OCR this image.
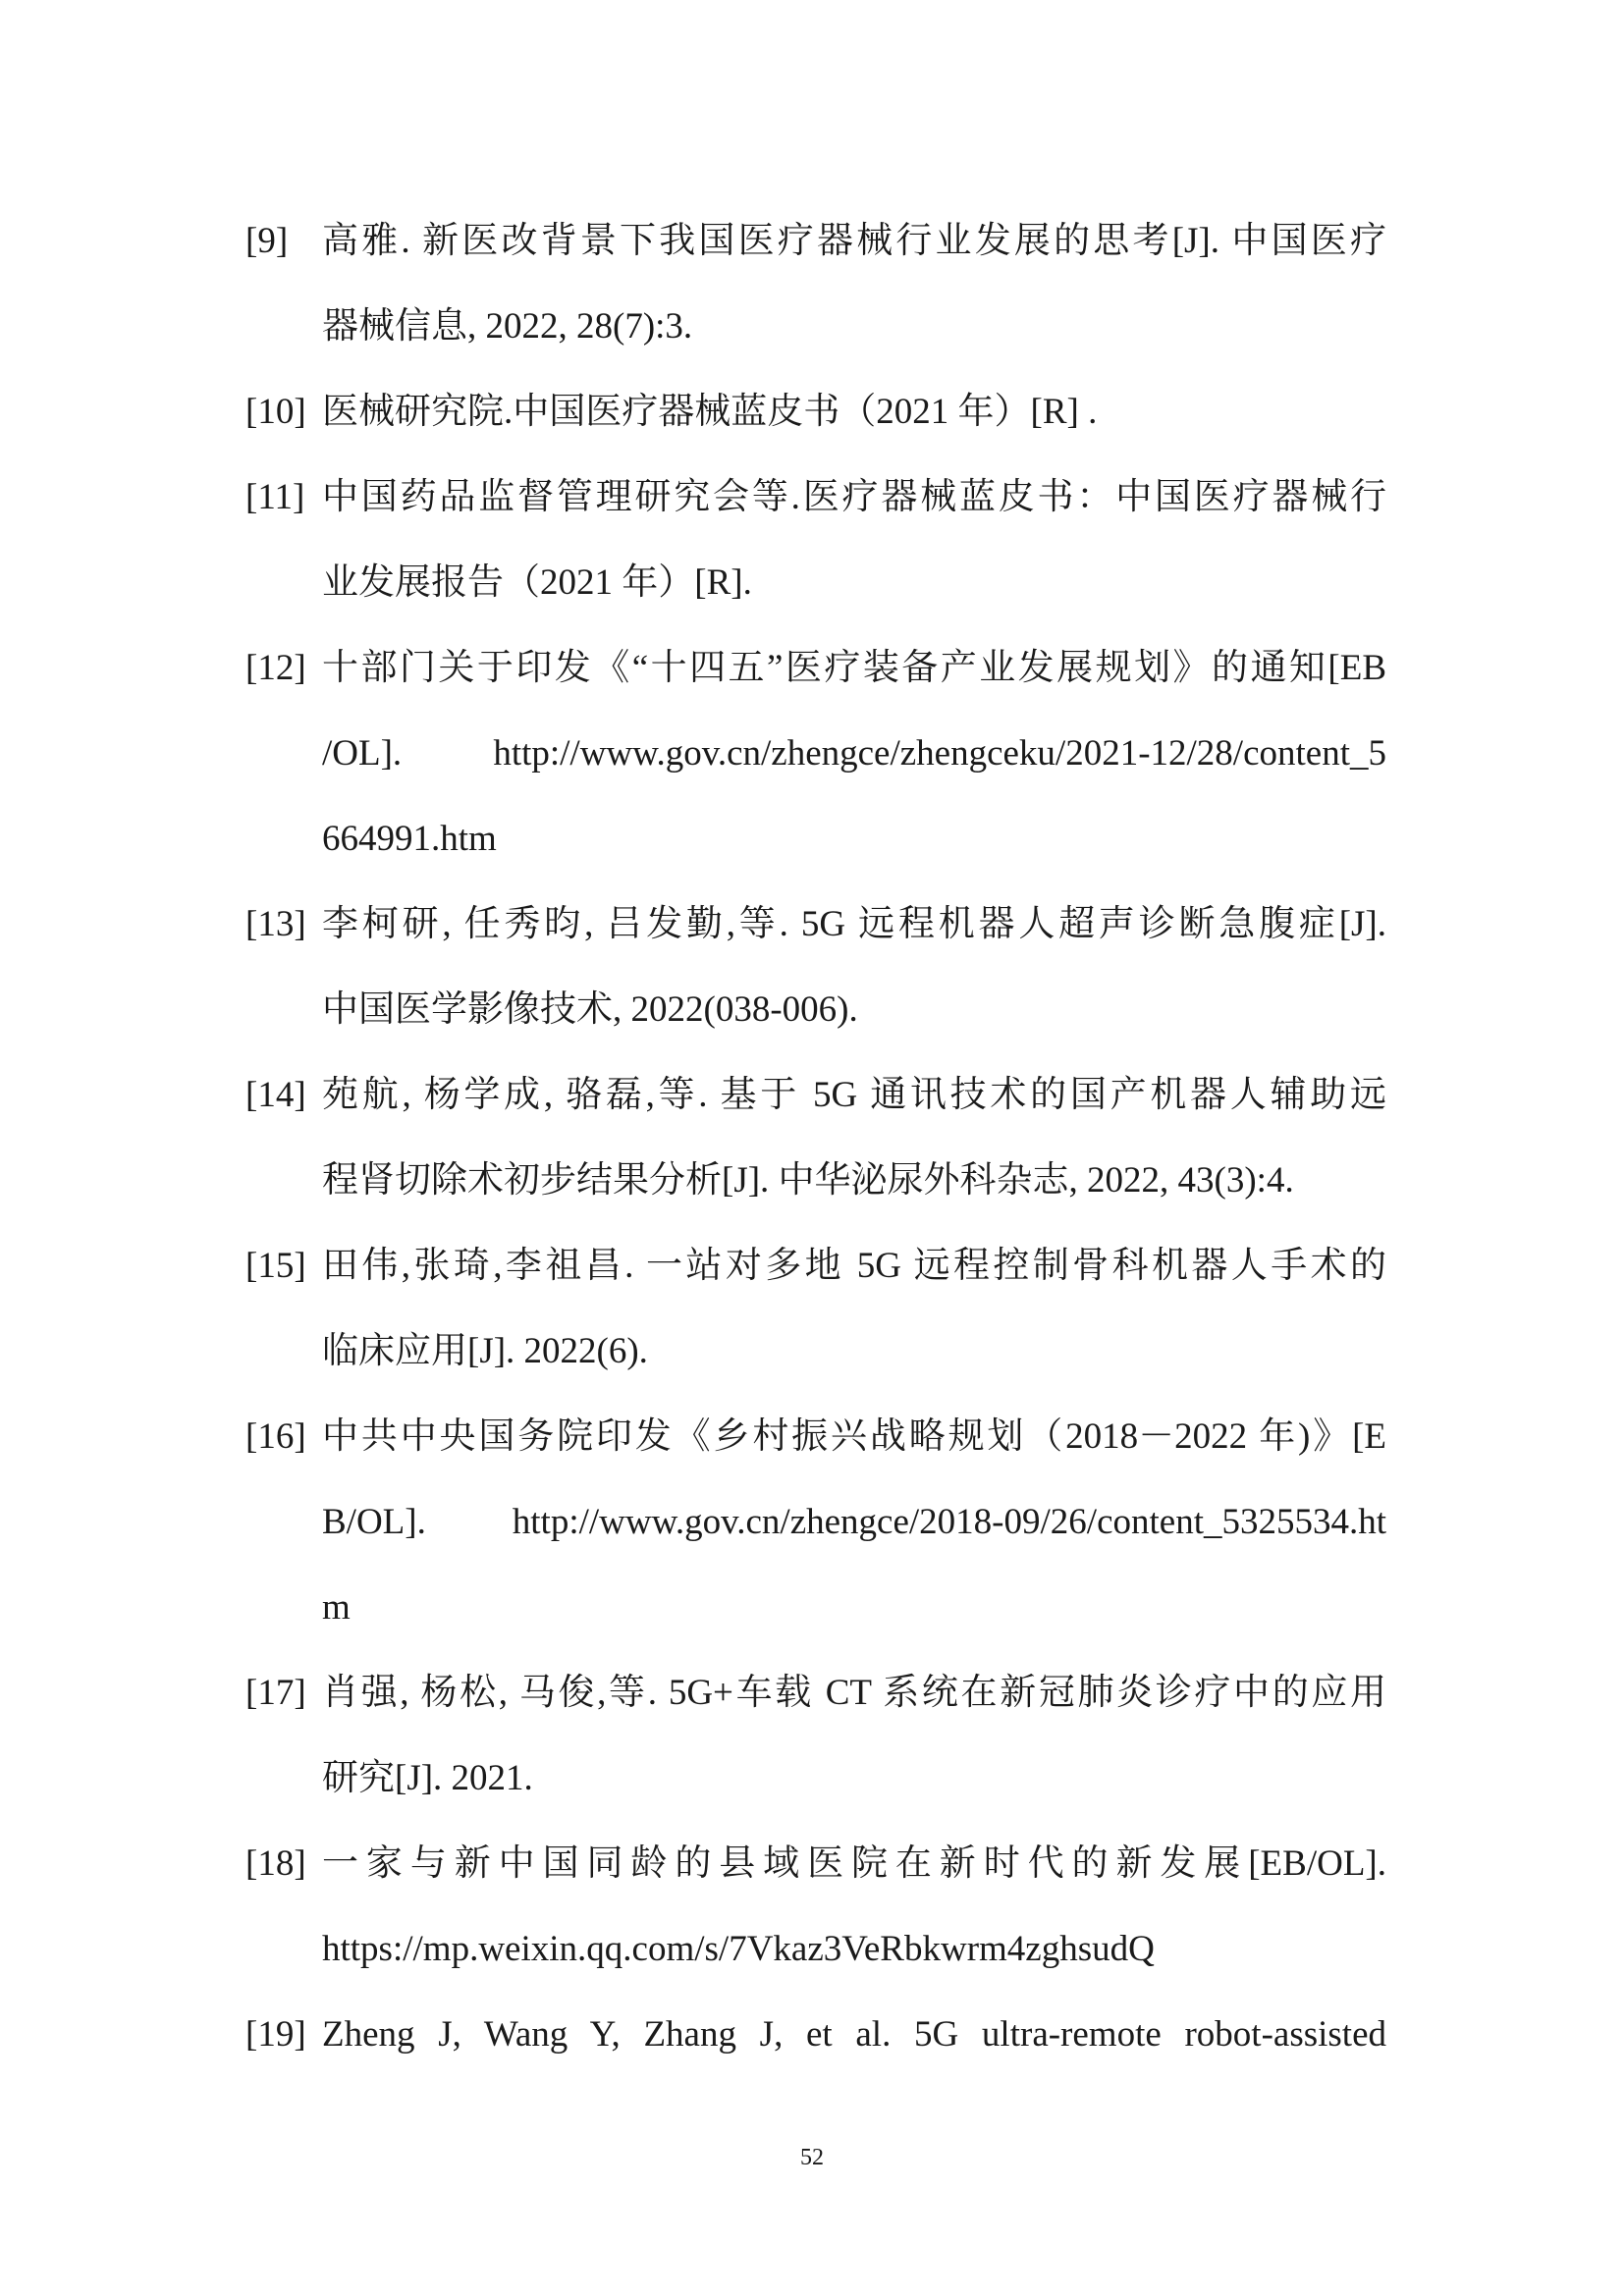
[9] 高雅. 新医改背景下我国医疗器械行业发展的思考[J]. 中国医疗
器械信息, 2022, 28(7):3.
[10] 医械研究院.中国医疗器械蓝皮书（2021 年）[R] .
[11] 中国药品监督管理研究会等.医疗器械蓝皮书：中国医疗器械行
业发展报告（2021 年）[R].
[12] 十部门关于印发《“十四五”医疗装备产业发展规划》的通知[EB
/OL]. http://www.gov.cn/zhengce/zhengceku/2021-12/28/content_5
664991.htm
[13] 李柯研, 任秀昀, 吕发勤,等. 5G 远程机器人超声诊断急腹症[J].
中国医学影像技术, 2022(038-006).
[14] 苑航, 杨学成, 骆磊,等. 基于 5G 通讯技术的国产机器人辅助远
程肾切除术初步结果分析[J]. 中华泌尿外科杂志, 2022, 43(3):4.
[15] 田伟,张琦,李祖昌. 一站对多地 5G 远程控制骨科机器人手术的
临床应用[J]. 2022(6).
[16] 中共中央国务院印发《乡村振兴战略规划（2018－2022 年)》[E
B/OL]. http://www.gov.cn/zhengce/2018-09/26/content_5325534.ht
m
[17] 肖强, 杨松, 马俊,等. 5G+车载 CT 系统在新冠肺炎诊疗中的应用
研究[J]. 2021.
[18] 一家与新中国同龄的县域医院在新时代的新发展[EB/OL].
https://mp.weixin.qq.com/s/7Vkaz3VeRbkwrm4zghsudQ
[19] Zheng J, Wang Y, Zhang J, et al. 5G ultra-remote robot-assisted
52
